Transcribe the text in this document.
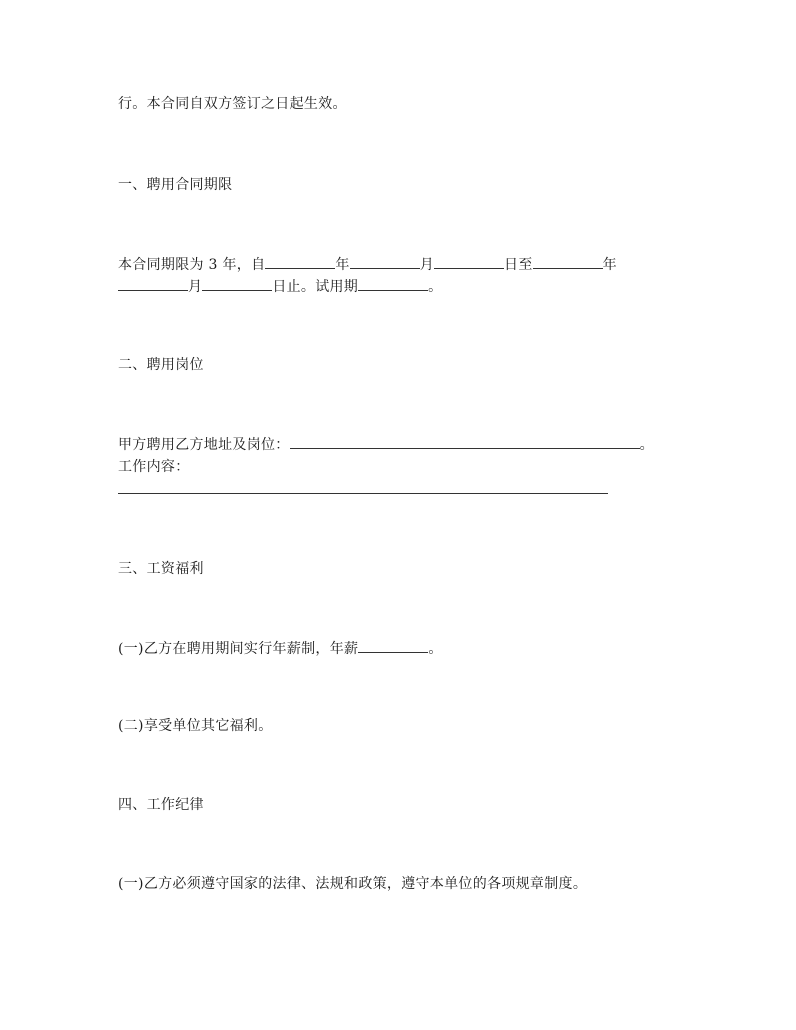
行。本合同自双方签订之日起生效。
一、聘用合同期限
本合同期限为 3 年，自	年	月	日至	年
月	日止。试用期	。
二、聘用岗位
甲方聘用乙方地址及岗位：	。
工作内容：
三、工资福利
(一)乙方在聘用期间实行年薪制，年薪	。
(二)享受单位其它福利。
四、工作纪律
(一)乙方必须遵守国家的法律、法规和政策，遵守本单位的各项规章制度。
